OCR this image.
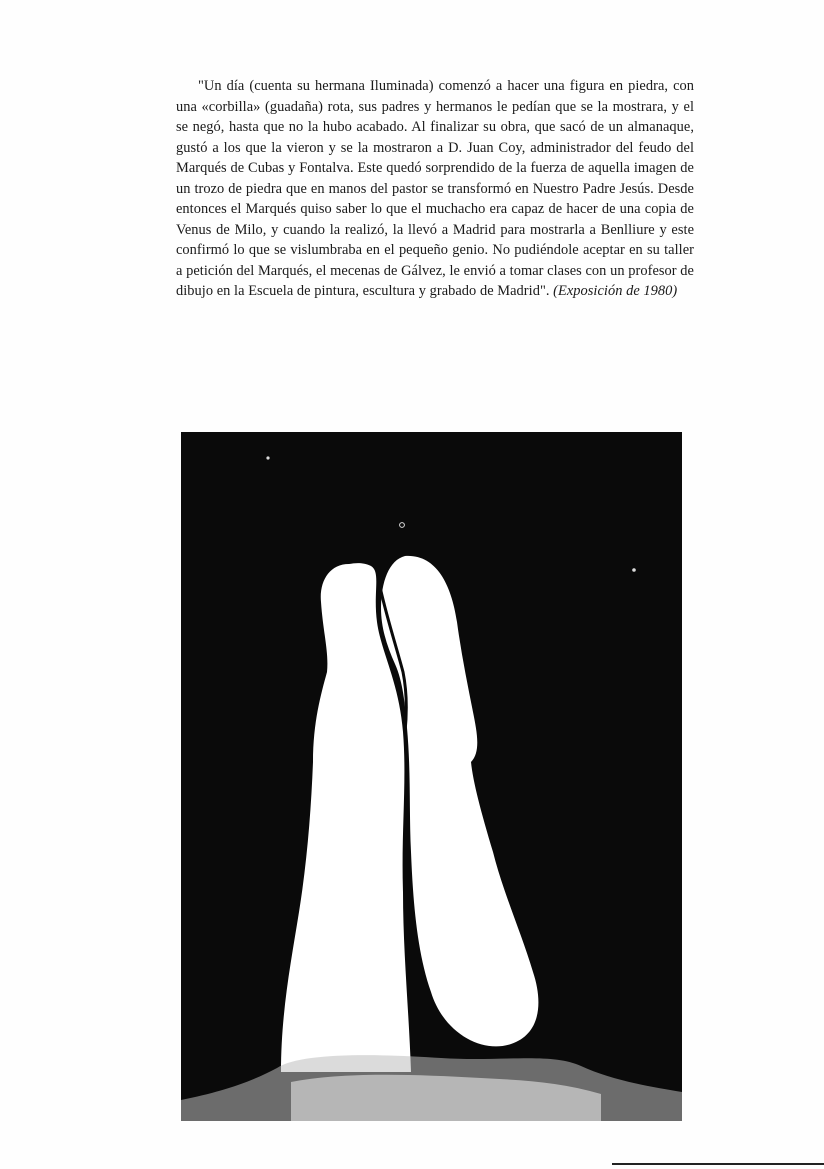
"Un día (cuenta su hermana Iluminada) comenzó a hacer una figura en piedra, con una «corbilla» (guadaña) rota, sus padres y hermanos le pedían que se la mostrara, y el se negó, hasta que no la hubo acabado. Al finalizar su obra, que sacó de un almanaque, gustó a los que la vieron y se la mostraron a D. Juan Coy, administrador del feudo del Marqués de Cubas y Fontalva. Este quedó sorprendido de la fuerza de aquella imagen de un trozo de piedra que en manos del pastor se transformó en Nuestro Padre Jesús. Desde entonces el Marqués quiso saber lo que el muchacho era capaz de hacer de una copia de Venus de Milo, y cuando la realizó, la llevó a Madrid para mostrarla a Benlliure y este confirmó lo que se vislumbraba en el pequeño genio. No pudiéndole aceptar en su taller a petición del Marqués, el mecenas de Gálvez, le envió a tomar clases con un profesor de dibujo en la Escuela de pintura, escultura y grabado de Madrid". (Exposición de 1980)
